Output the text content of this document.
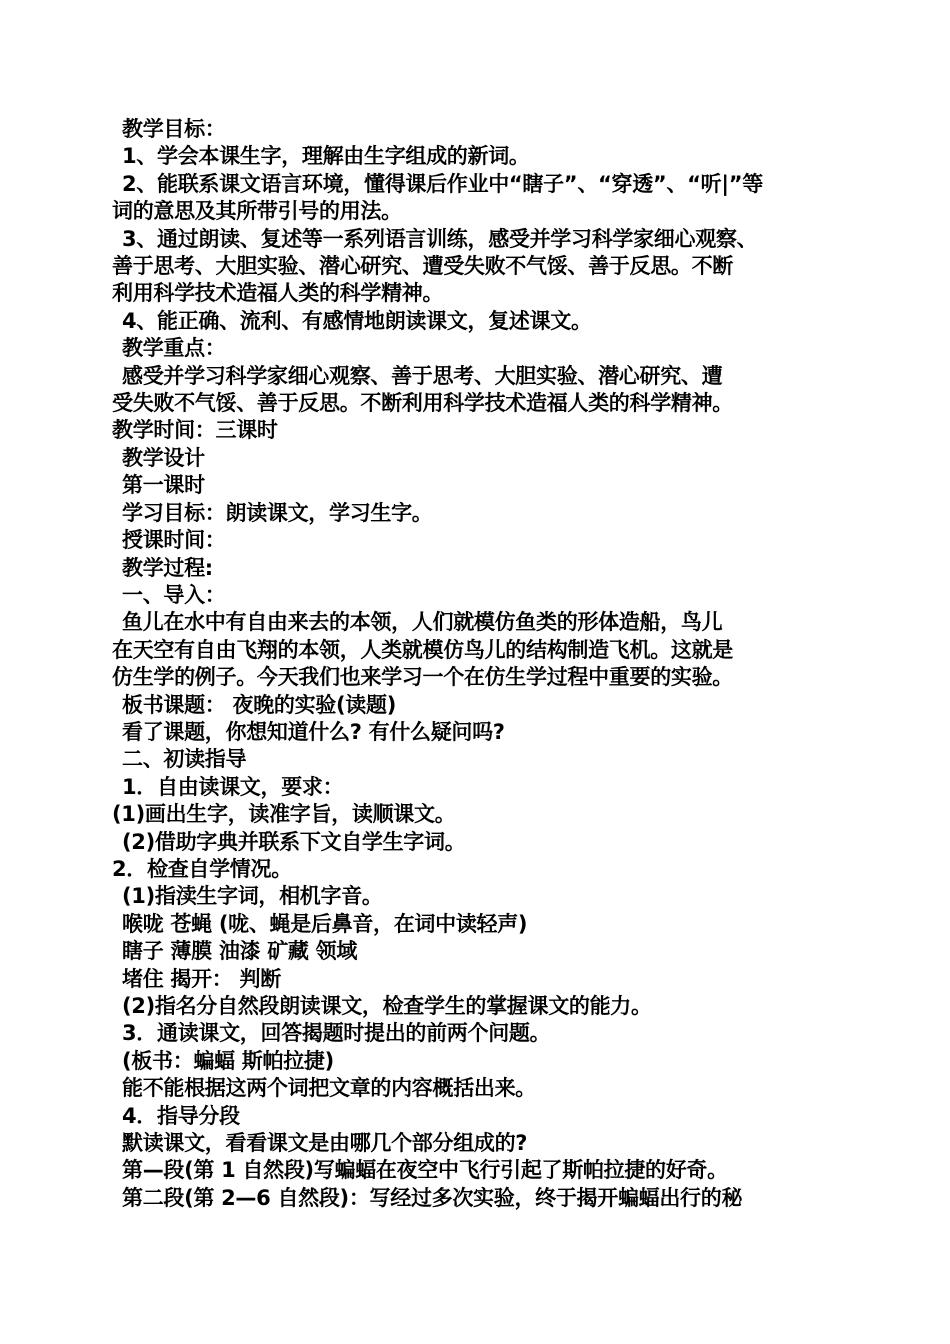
教学目标：
1、学会本课生字，理解由生字组成的新词。
2、能联系课文语言环境，懂得课后作业中“瞎子”、“穿透”、“听|”等
词的意思及其所带引号的用法。
3、通过朗读、复述等一系列语言训练，感受并学习科学家细心观察、
善于思考、大胆实验、潜心研究、遭受失败不气馁、善于反思。不断
利用科学技术造福人类的科学精神。
4、能正确、流利、有感情地朗读课文，复述课文。
教学重点：
感受并学习科学家细心观察、善于思考、大胆实验、潜心研究、遭
受失败不气馁、善于反思。不断利用科学技术造福人类的科学精神。
教学时间：三课时
教学设计
第一课时
学习目标：朗读课文，学习生字。
授课时间：
教学过程:
一、导入：
鱼儿在水中有自由来去的本领，人们就模仿鱼类的形体造船，鸟儿
在天空有自由飞翔的本领，人类就模仿鸟儿的结构制造飞机。这就是
仿生学的例子。今天我们也来学习一个在仿生学过程中重要的实验。
板书课题： 夜晚的实验(读题)
看了课题，你想知道什么? 有什么疑问吗?
二、初读指导
1．自由读课文，要求：
(1)画出生字，读准字旨，读顺课文。
(2)借助字典并联系下文自学生字词。
2．检查自学情况。
(1)指渎生字词，相机字音。
喉咙 苍蝇 (咙、蝇是后鼻音，在词中读轻声)
瞎子 薄膜 油漆 矿藏 领域
堵住 揭开： 判断
(2)指名分自然段朗读课文，检查学生的掌握课文的能力。
3．通读课文，回答揭题时提出的前两个问题。
(板书：蝙蝠 斯帕拉捷)
能不能根据这两个词把文章的内容概括出来。
4．指导分段
默读课文，看看课文是由哪几个部分组成的?
第—段(第 1 自然段)写蝙蝠在夜空中飞行引起了斯帕拉捷的好奇。
第二段(第 2—6 自然段)：写经过多次实验，终于揭开蝙蝠出行的秘
